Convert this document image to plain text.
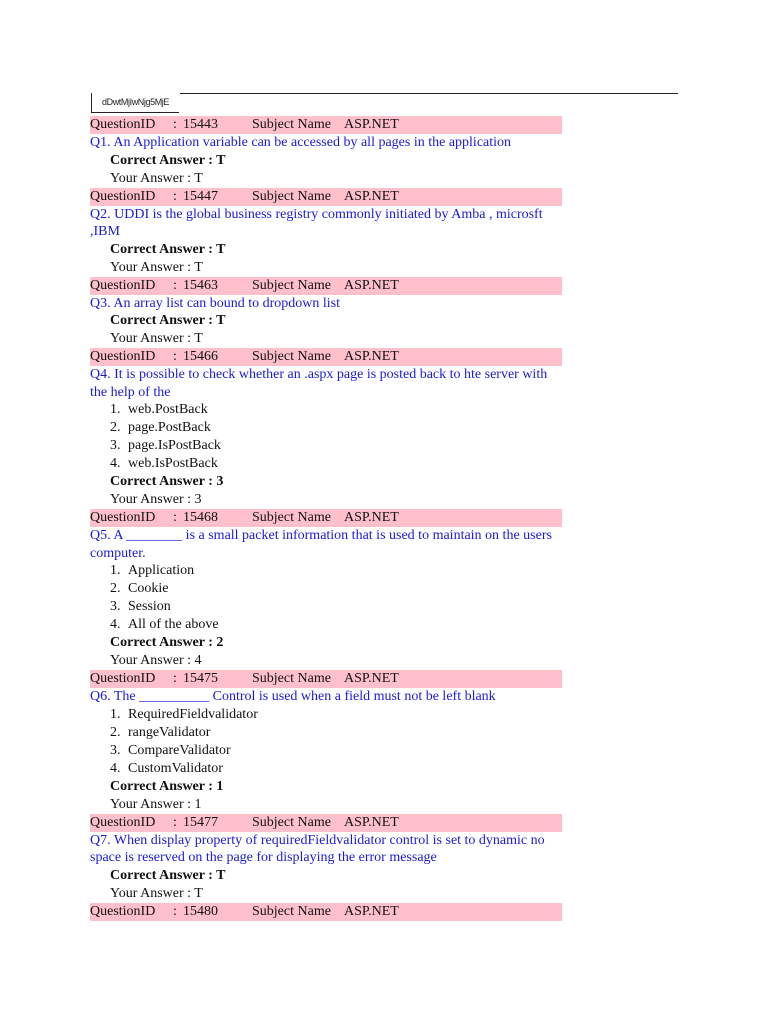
dDwtMjIwNjg5MjE
QuestionID : 15443 Subject Name ASP.NET
Q1. An Application variable can be accessed by all pages in the application
Correct Answer : T
Your Answer : T
QuestionID : 15447 Subject Name ASP.NET
Q2. UDDI is the global business registry commonly initiated by Amba , microsft ,IBM
Correct Answer : T
Your Answer : T
QuestionID : 15463 Subject Name ASP.NET
Q3. An array list can bound to dropdown list
Correct Answer : T
Your Answer : T
QuestionID : 15466 Subject Name ASP.NET
Q4. It is possible to check whether an .aspx page is posted back to hte server with the help of the
1. web.PostBack
2. page.PostBack
3. page.IsPostBack
4. web.IsPostBack
Correct Answer : 3
Your Answer : 3
QuestionID : 15468 Subject Name ASP.NET
Q5. A ________ is a small packet information that is used to maintain on the users computer.
1. Application
2. Cookie
3. Session
4. All of the above
Correct Answer : 2
Your Answer : 4
QuestionID : 15475 Subject Name ASP.NET
Q6. The __________ Control is used when a field must not be left blank
1. RequiredFieldvalidator
2. rangeValidator
3. CompareValidator
4. CustomValidator
Correct Answer : 1
Your Answer : 1
QuestionID : 15477 Subject Name ASP.NET
Q7. When display property of requiredFieldvalidator control is set to dynamic no space is reserved on the page for displaying the error message
Correct Answer : T
Your Answer : T
QuestionID : 15480 Subject Name ASP.NET
